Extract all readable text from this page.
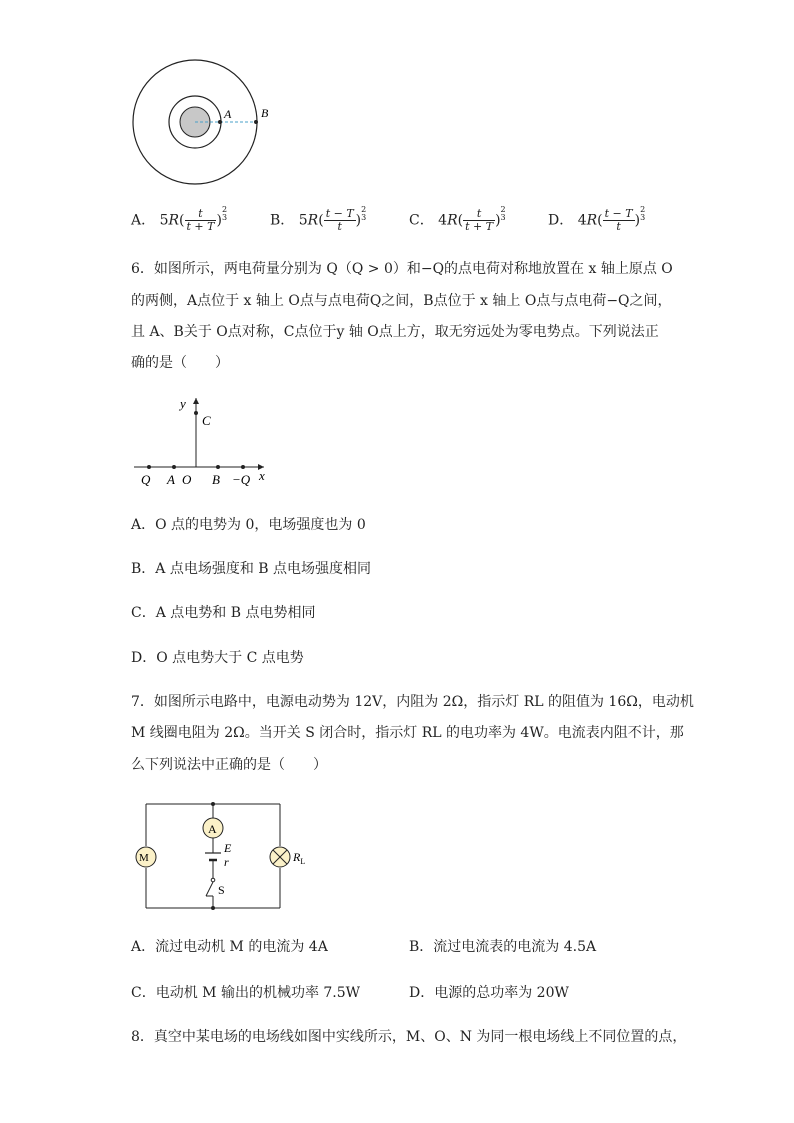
A B
A． $5R( \frac{t}{t + T}$ )
2
3	B． $5R( \frac{t - T}{t}$ )
2
3	C． $4R( \frac{t}{t + T}$ )
2
3	D． $4R( \frac{t - T}{t}$ )
2
3
6．如图所示，两电荷量分别为 Q（Q > 0）和−Q的点电荷对称地放置在 x 轴上原点 O
的两侧，A点位于 x 轴上 O点与点电荷Q之间，B点位于 x 轴上 O点与点电荷−Q之间，
且 A、B关于 O点对称，C点位于y 轴 O点上方，取无穷远处为零电势点。下列说法正
确的是（　　）
y
C
Q A O B −Q x
A．O 点的电势为 0，电场强度也为 0
B．A 点电场强度和 B 点电场强度相同
C．A 点电势和 B 点电势相同
D．O 点电势大于 C 点电势
7．如图所示电路中，电源电动势为 12V，内阻为 2Ω，指示灯 RL 的阻值为 16Ω，电动机
M 线圈电阻为 2Ω。当开关 S 闭合时，指示灯 RL 的电功率为 4W。电流表内阻不计，那
么下列说法中正确的是（　　）
A
E
r
S
M	$R_L$
A．流过电动机 M 的电流为 4A	B．流过电流表的电流为 4.5A
C．电动机 M 输出的机械功率 7.5W	D．电源的总功率为 20W
8．真空中某电场的电场线如图中实线所示，M、O、N 为同一根电场线上不同位置的点，
